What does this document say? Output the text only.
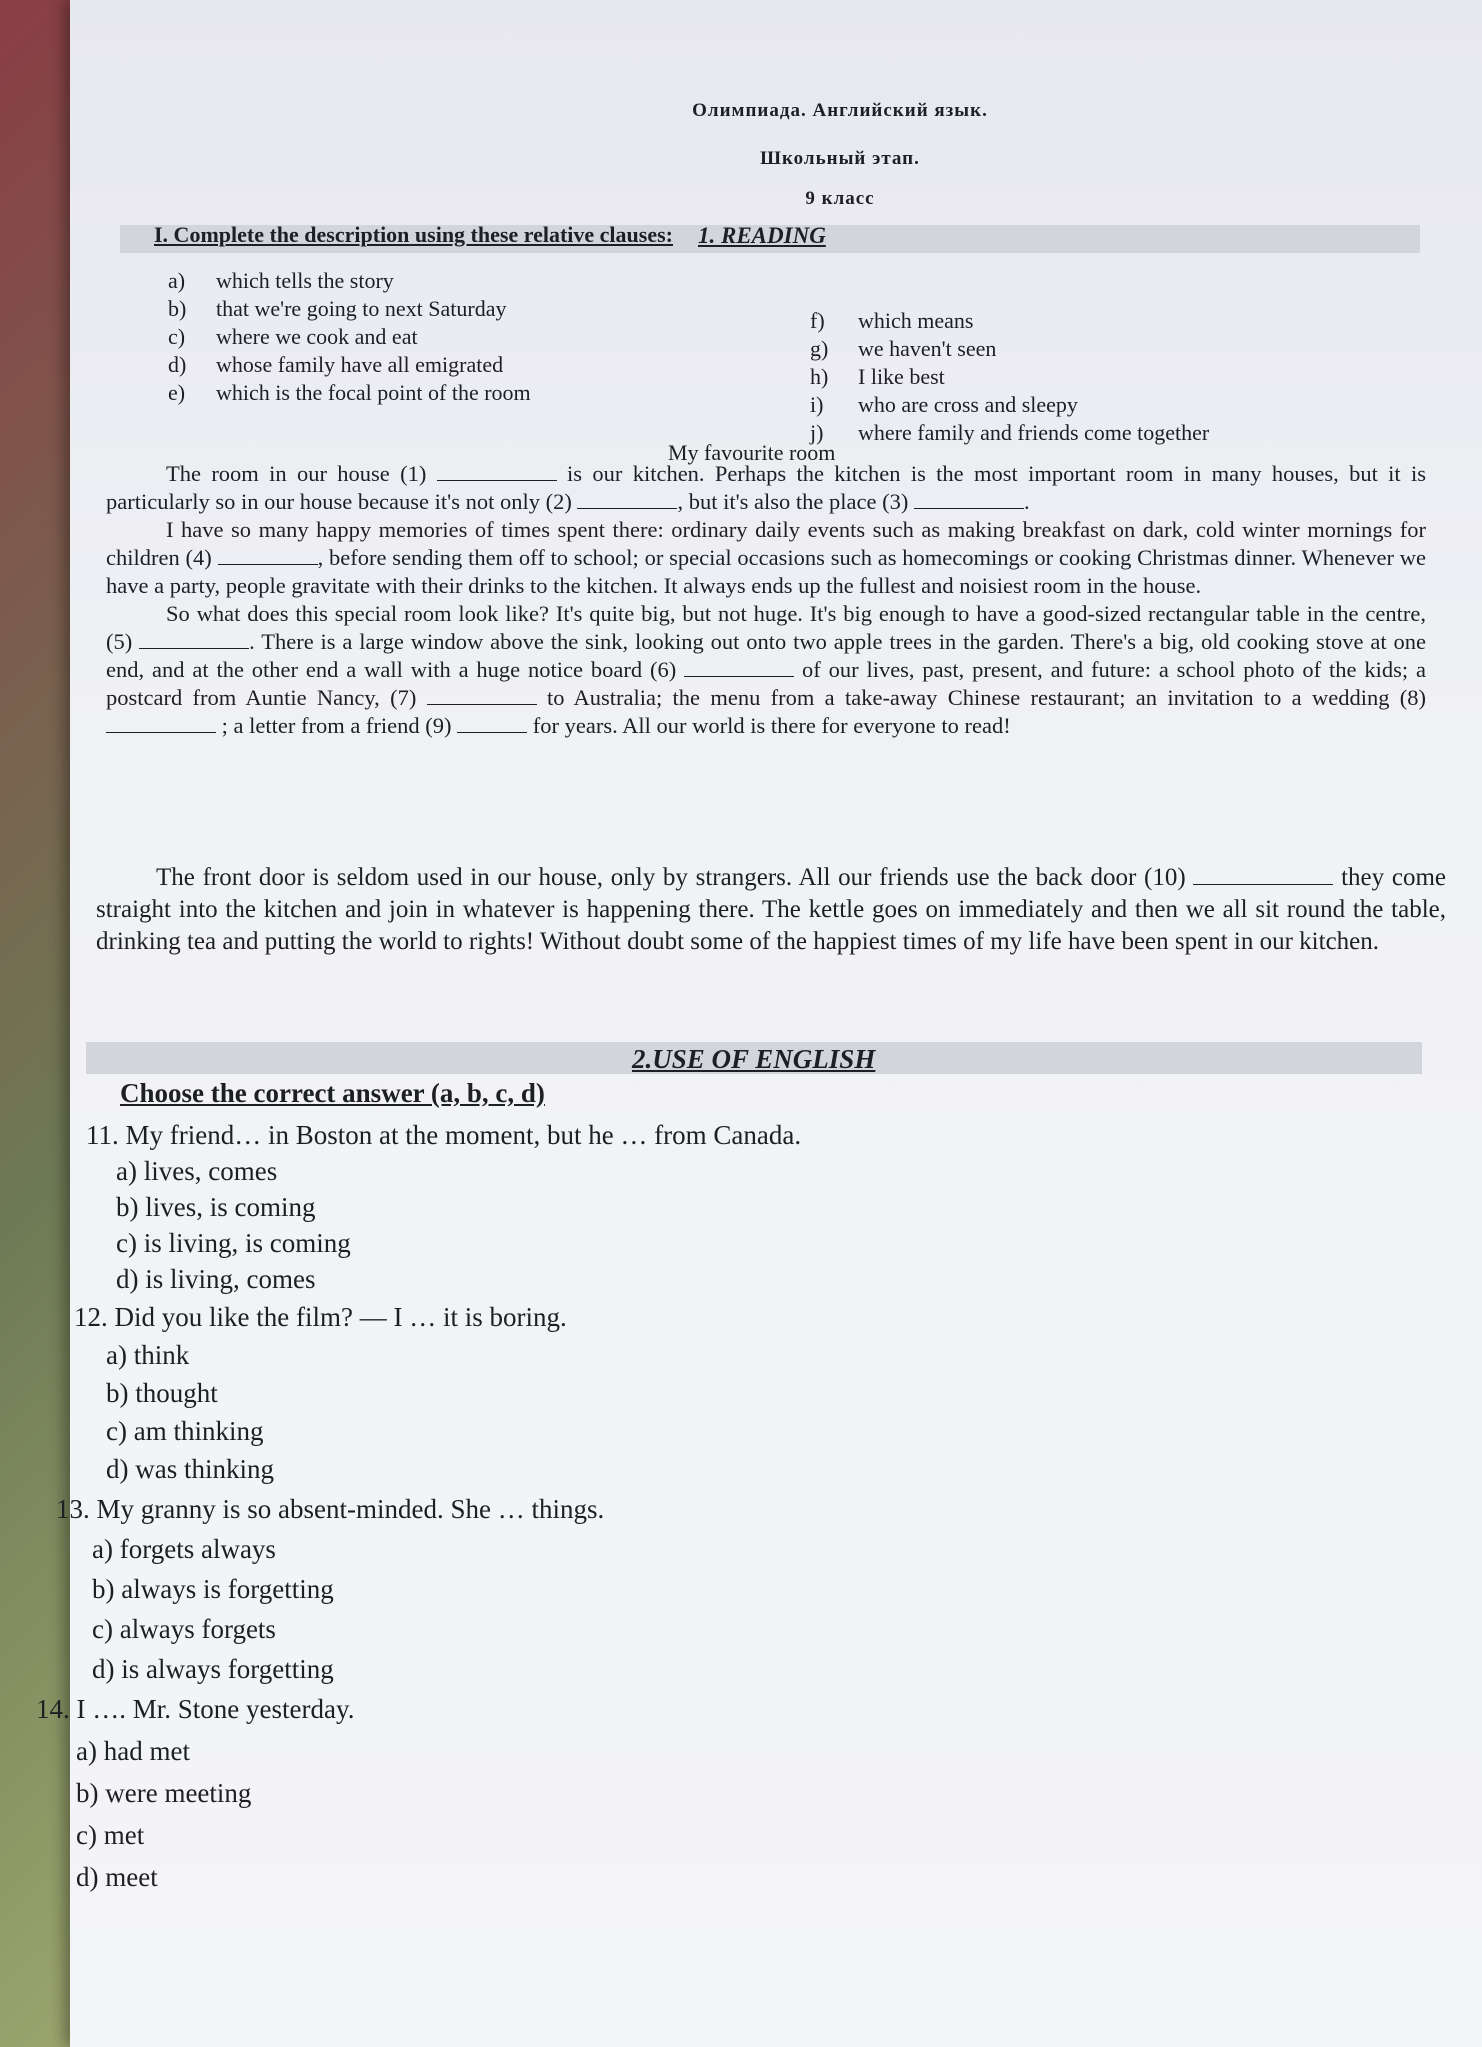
Олимпиада. Английский язык.
Школьный этап.
9 класс
1. READING
I. Complete the description using these relative clauses:
a) which tells the story
b) that we're going to next Saturday
c) where we cook and eat
d) whose family have all emigrated
e) which is the focal point of the room
f) which means
g) we haven't seen
h) I like best
i) who are cross and sleepy
j) where family and friends come together
My favourite room

The room in our house (1)	is our kitchen. Perhaps the kitchen is the most important room in many houses, but it is particularly so in our house because it's not only (2)	, but it's also the place (3)	.

I have so many happy memories of times spent there: ordinary daily events such as making breakfast on dark, cold winter mornings for children (4)	, before sending them off to school; or special occasions such as homecomings or cooking Christmas dinner. Whenever we have a party, people gravitate with their drinks to the kitchen. It always ends up the fullest and noisiest room in the house.

So what does this special room look like? It's quite big, but not huge. It's big enough to have a good-sized rectangular table in the centre, (5)	. There is a large window above the sink, looking out onto two apple trees in the garden. There's a big, old cooking stove at one end, and at the other end a wall with a huge notice board (6)	of our lives, past, present, and future: a school photo of the kids; a postcard from Auntie Nancy, (7)	to Australia; the menu from a take-away Chinese restaurant; an invitation to a wedding (8)  ; a letter from a friend (9)	for years. All our world is there for everyone to read!

The front door is seldom used in our house, only by strangers. All our friends use the back door (10)	they come straight into the kitchen and join in whatever is happening there. The kettle goes on immediately and then we all sit round the table, drinking tea and putting the world to rights! Without doubt some of the happiest times of my life have been spent in our kitchen.

2.USE OF ENGLISH
Choose the correct answer (a, b, c, d)
11. My friend… in Boston at the moment, but he … from Canada.
a) lives, comes
b) lives, is coming
c) is living, is coming
d) is living, comes
12. Did you like the film? — I … it is boring.
a) think
b) thought
c) am thinking
d) was thinking
13. My granny is so absent-minded. She … things.
a) forgets always
b) always is forgetting
c) always forgets
d) is always forgetting
14. I …. Mr. Stone yesterday.
a) had met
b) were meeting
c) met
d) meet
